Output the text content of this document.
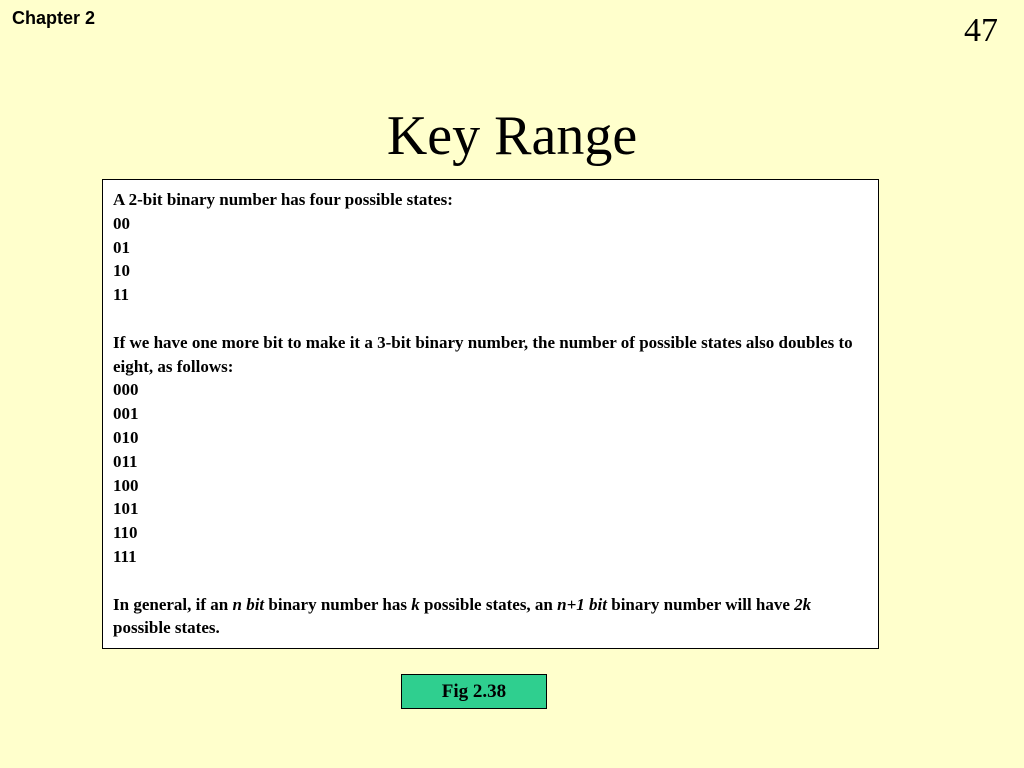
Chapter 2	47
Key Range
A 2-bit binary number has four possible states:
00
01
10
11
If we have one more bit to make it a 3-bit binary number, the number of possible states also doubles to eight, as follows:
000
001
010
011
100
101
110
111
In general, if an n bit binary number has k possible states, an n+1 bit binary number will have 2k possible states.
Fig 2.38
